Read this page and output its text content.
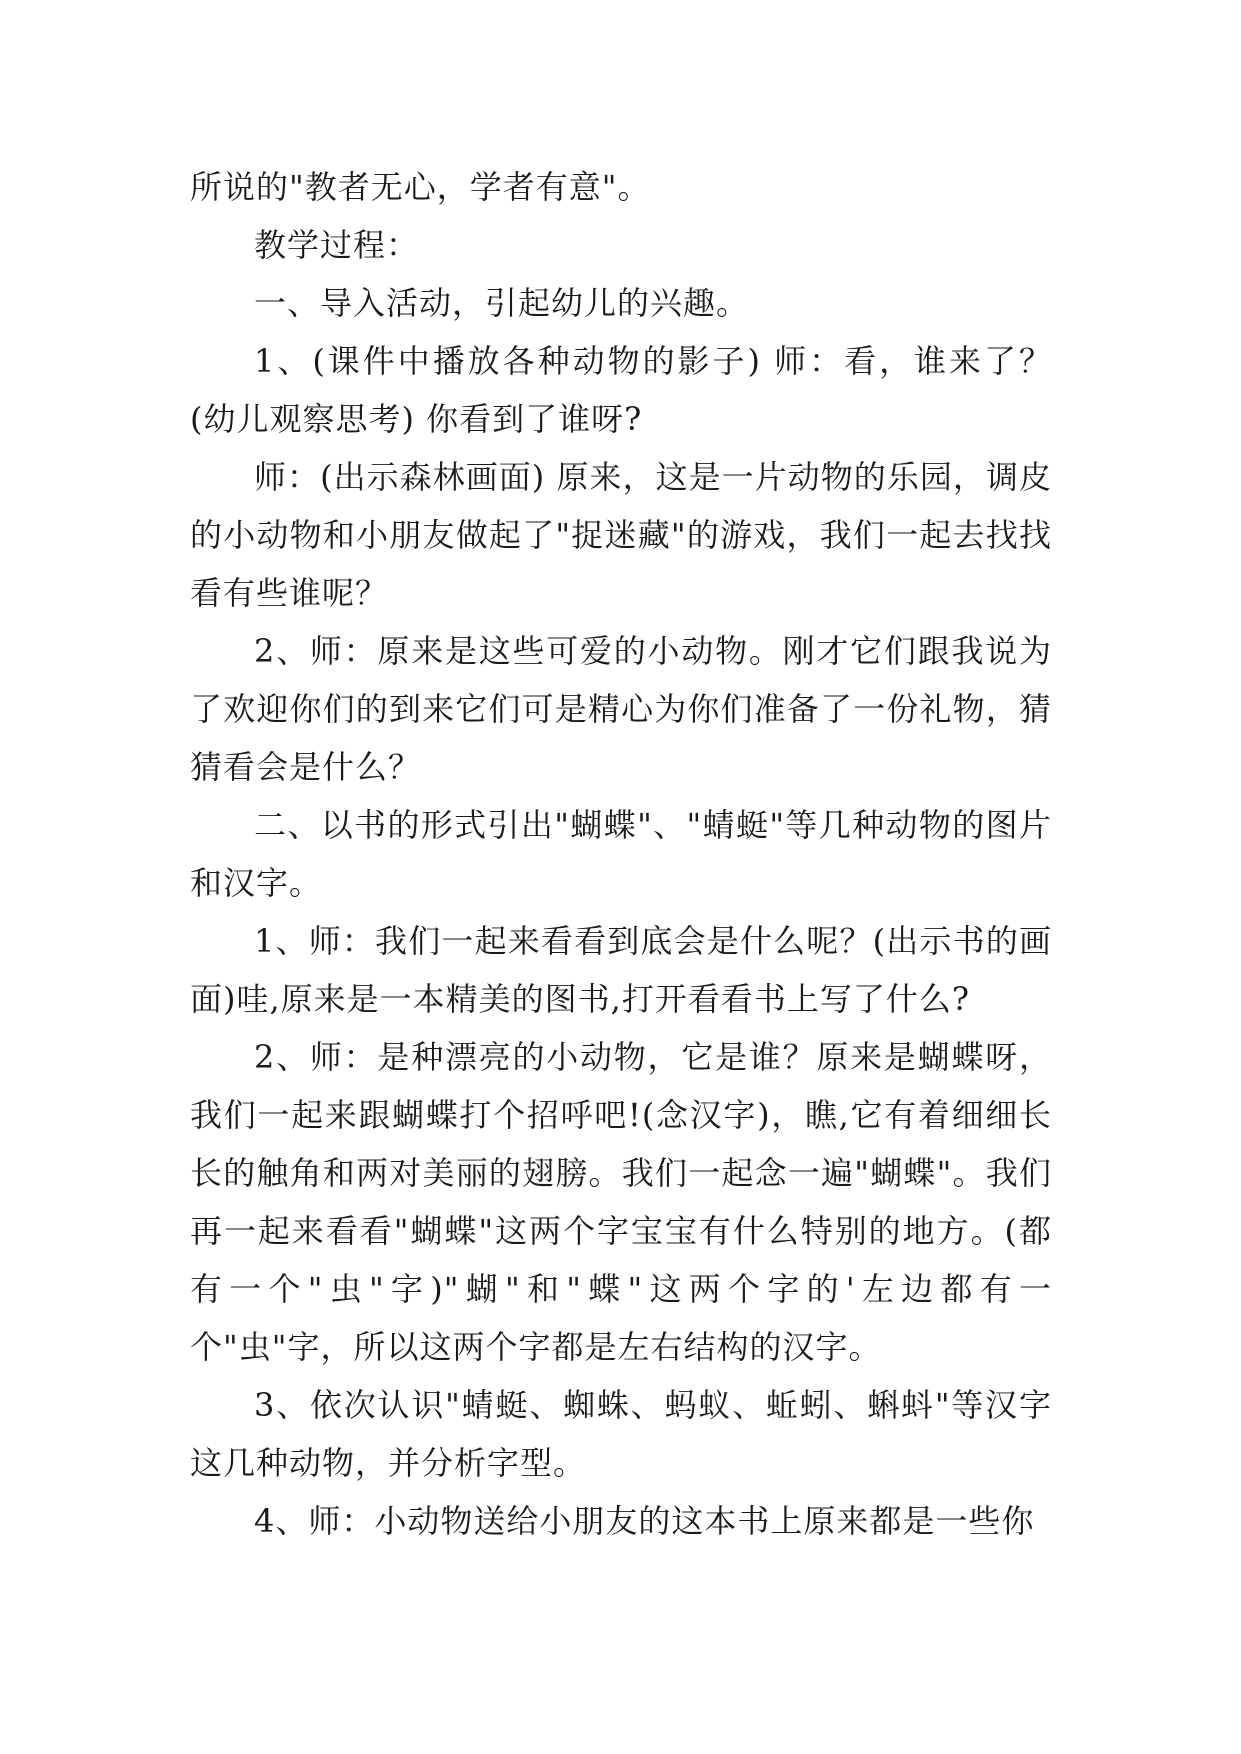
所说的"教者无心，学者有意"。

教学过程：

一、导入活动，引起幼儿的兴趣。

1、(课件中播放各种动物的影子) 师：看，谁来了？(幼儿观察思考) 你看到了谁呀?

师：(出示森林画面) 原来，这是一片动物的乐园，调皮的小动物和小朋友做起了"捉迷藏"的游戏，我们一起去找找看有些谁呢？

2、师：原来是这些可爱的小动物。刚才它们跟我说为了欢迎你们的到来它们可是精心为你们准备了一份礼物，猜猜看会是什么？

二、以书的形式引出"蝴蝶"、"蜻蜓"等几种动物的图片和汉字。

1、师：我们一起来看看到底会是什么呢？(出示书的画面)哇,原来是一本精美的图书,打开看看书上写了什么?

2、师：是种漂亮的小动物，它是谁？原来是蝴蝶呀，我们一起来跟蝴蝶打个招呼吧!(念汉字)，瞧,它有着细细长长的触角和两对美丽的翅膀。我们一起念一遍"蝴蝶"。我们再一起来看看"蝴蝶"这两个字宝宝有什么特别的地方。(都有一个"虫"字)"蝴"和"蝶"这两个字的'左边都有一个"虫"字，所以这两个字都是左右结构的汉字。

3、依次认识"蜻蜓、蜘蛛、蚂蚁、蚯蚓、蝌蚪"等汉字这几种动物，并分析字型。

4、师：小动物送给小朋友的这本书上原来都是一些你
